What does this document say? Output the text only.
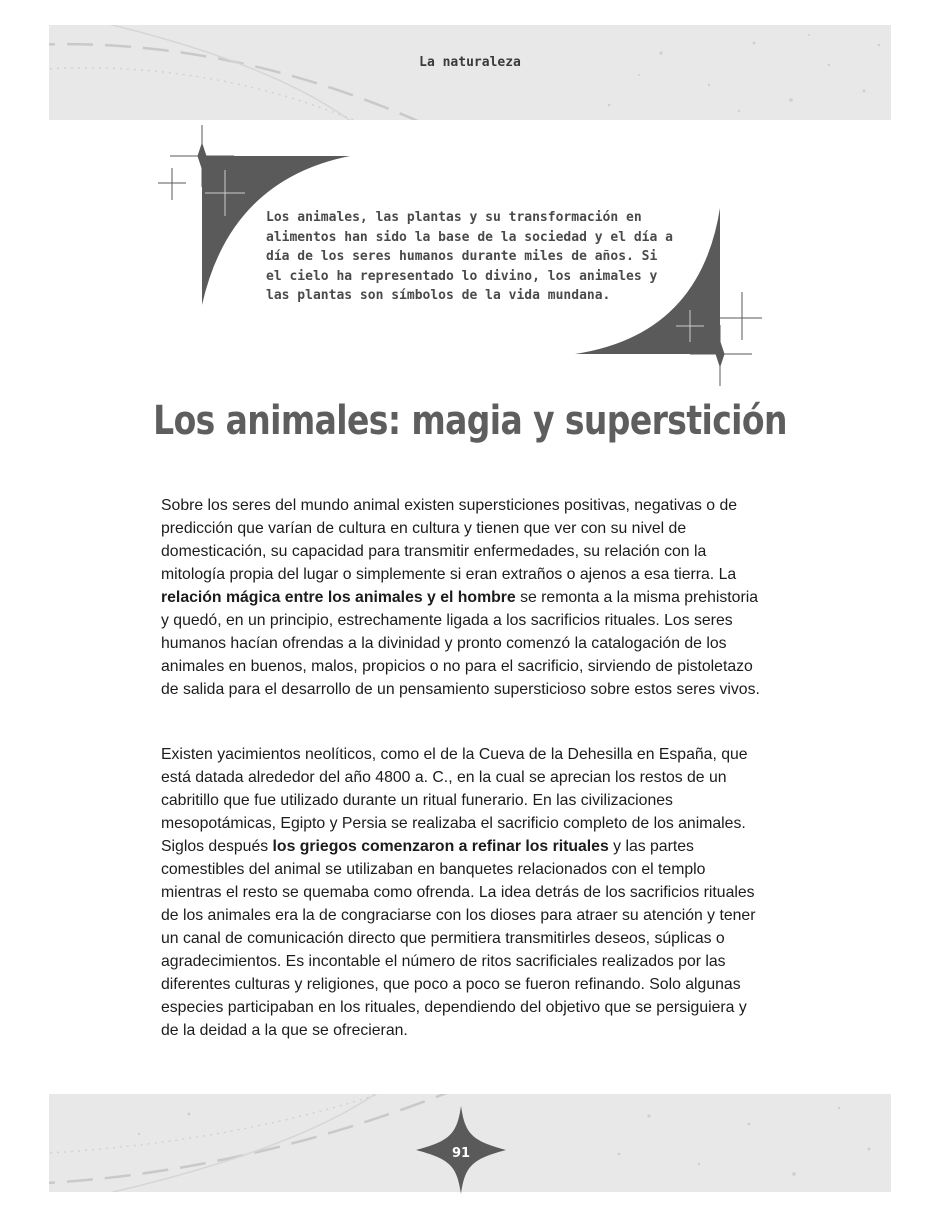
La naturaleza

Los animales, las plantas y su transformación en alimentos han sido la base de la sociedad y el día a día de los seres humanos durante miles de años. Si el cielo ha representado lo divino, los animales y las plantas son símbolos de la vida mundana.

Los animales: magia y superstición

Sobre los seres del mundo animal existen supersticiones positivas, negativas o de predicción que varían de cultura en cultura y tienen que ver con su nivel de domesticación, su capacidad para transmitir enfermedades, su relación con la mitología propia del lugar o simplemente si eran extraños o ajenos a esa tierra. La relación mágica entre los animales y el hombre se remonta a la misma prehistoria y quedó, en un principio, estrechamente ligada a los sacrificios rituales. Los seres humanos hacían ofrendas a la divinidad y pronto comenzó la catalogación de los animales en buenos, malos, propicios o no para el sacrificio, sirviendo de pistoletazo de salida para el desarrollo de un pensamiento supersticioso sobre estos seres vivos.

Existen yacimientos neolíticos, como el de la Cueva de la Dehesilla en España, que está datada alrededor del año 4800 a. C., en la cual se aprecian los restos de un cabritillo que fue utilizado durante un ritual funerario. En las civilizaciones mesopotámicas, Egipto y Persia se realizaba el sacrificio completo de los animales. Siglos después los griegos comenzaron a refinar los rituales y las partes comestibles del animal se utilizaban en banquetes relacionados con el templo mientras el resto se quemaba como ofrenda. La idea detrás de los sacrificios rituales de los animales era la de congraciarse con los dioses para atraer su atención y tener un canal de comunicación directo que permitiera transmitirles deseos, súplicas o agradecimientos. Es incontable el número de ritos sacrificiales realizados por las diferentes culturas y religiones, que poco a poco se fueron refinando. Solo algunas especies participaban en los rituales, dependiendo del objetivo que se persiguiera y de la deidad a la que se ofrecieran.

91
